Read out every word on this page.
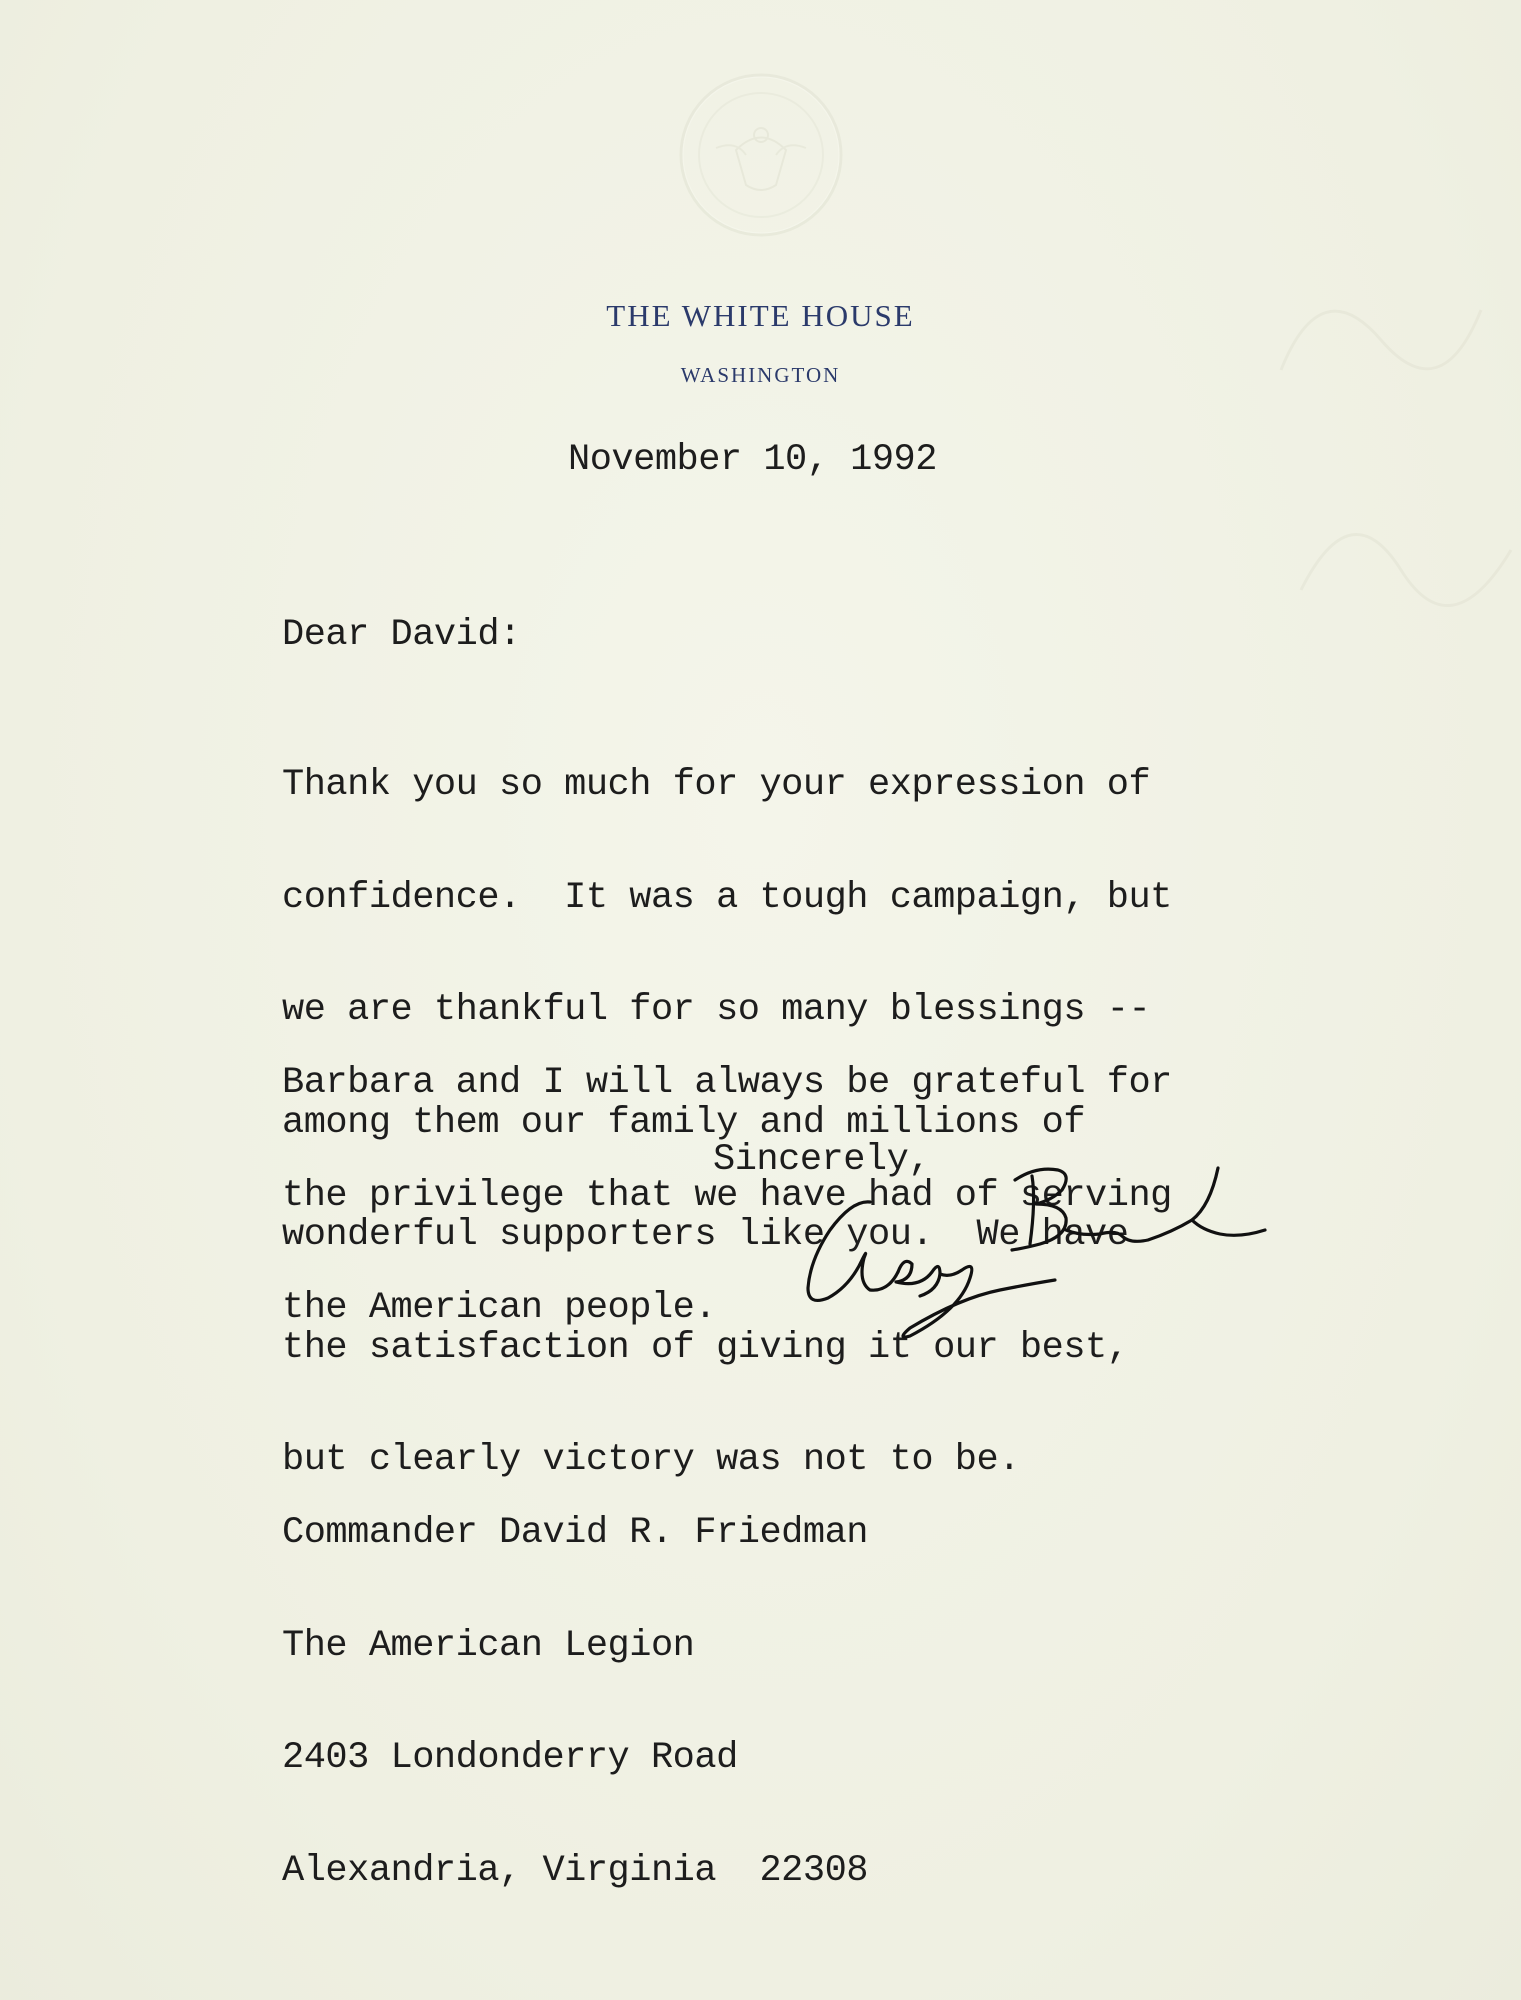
THE WHITE HOUSE
WASHINGTON
November 10, 1992
Dear David:

Thank you so much for your expression of

confidence.  It was a tough campaign, but

we are thankful for so many blessings --

among them our family and millions of

wonderful supporters like you.  We have

the satisfaction of giving it our best,

but clearly victory was not to be.

Barbara and I will always be grateful for

the privilege that we have had of serving

the American people.

Sincerely,

Commander David R. Friedman

The American Legion

2403 Londonderry Road

Alexandria, Virginia  22308
